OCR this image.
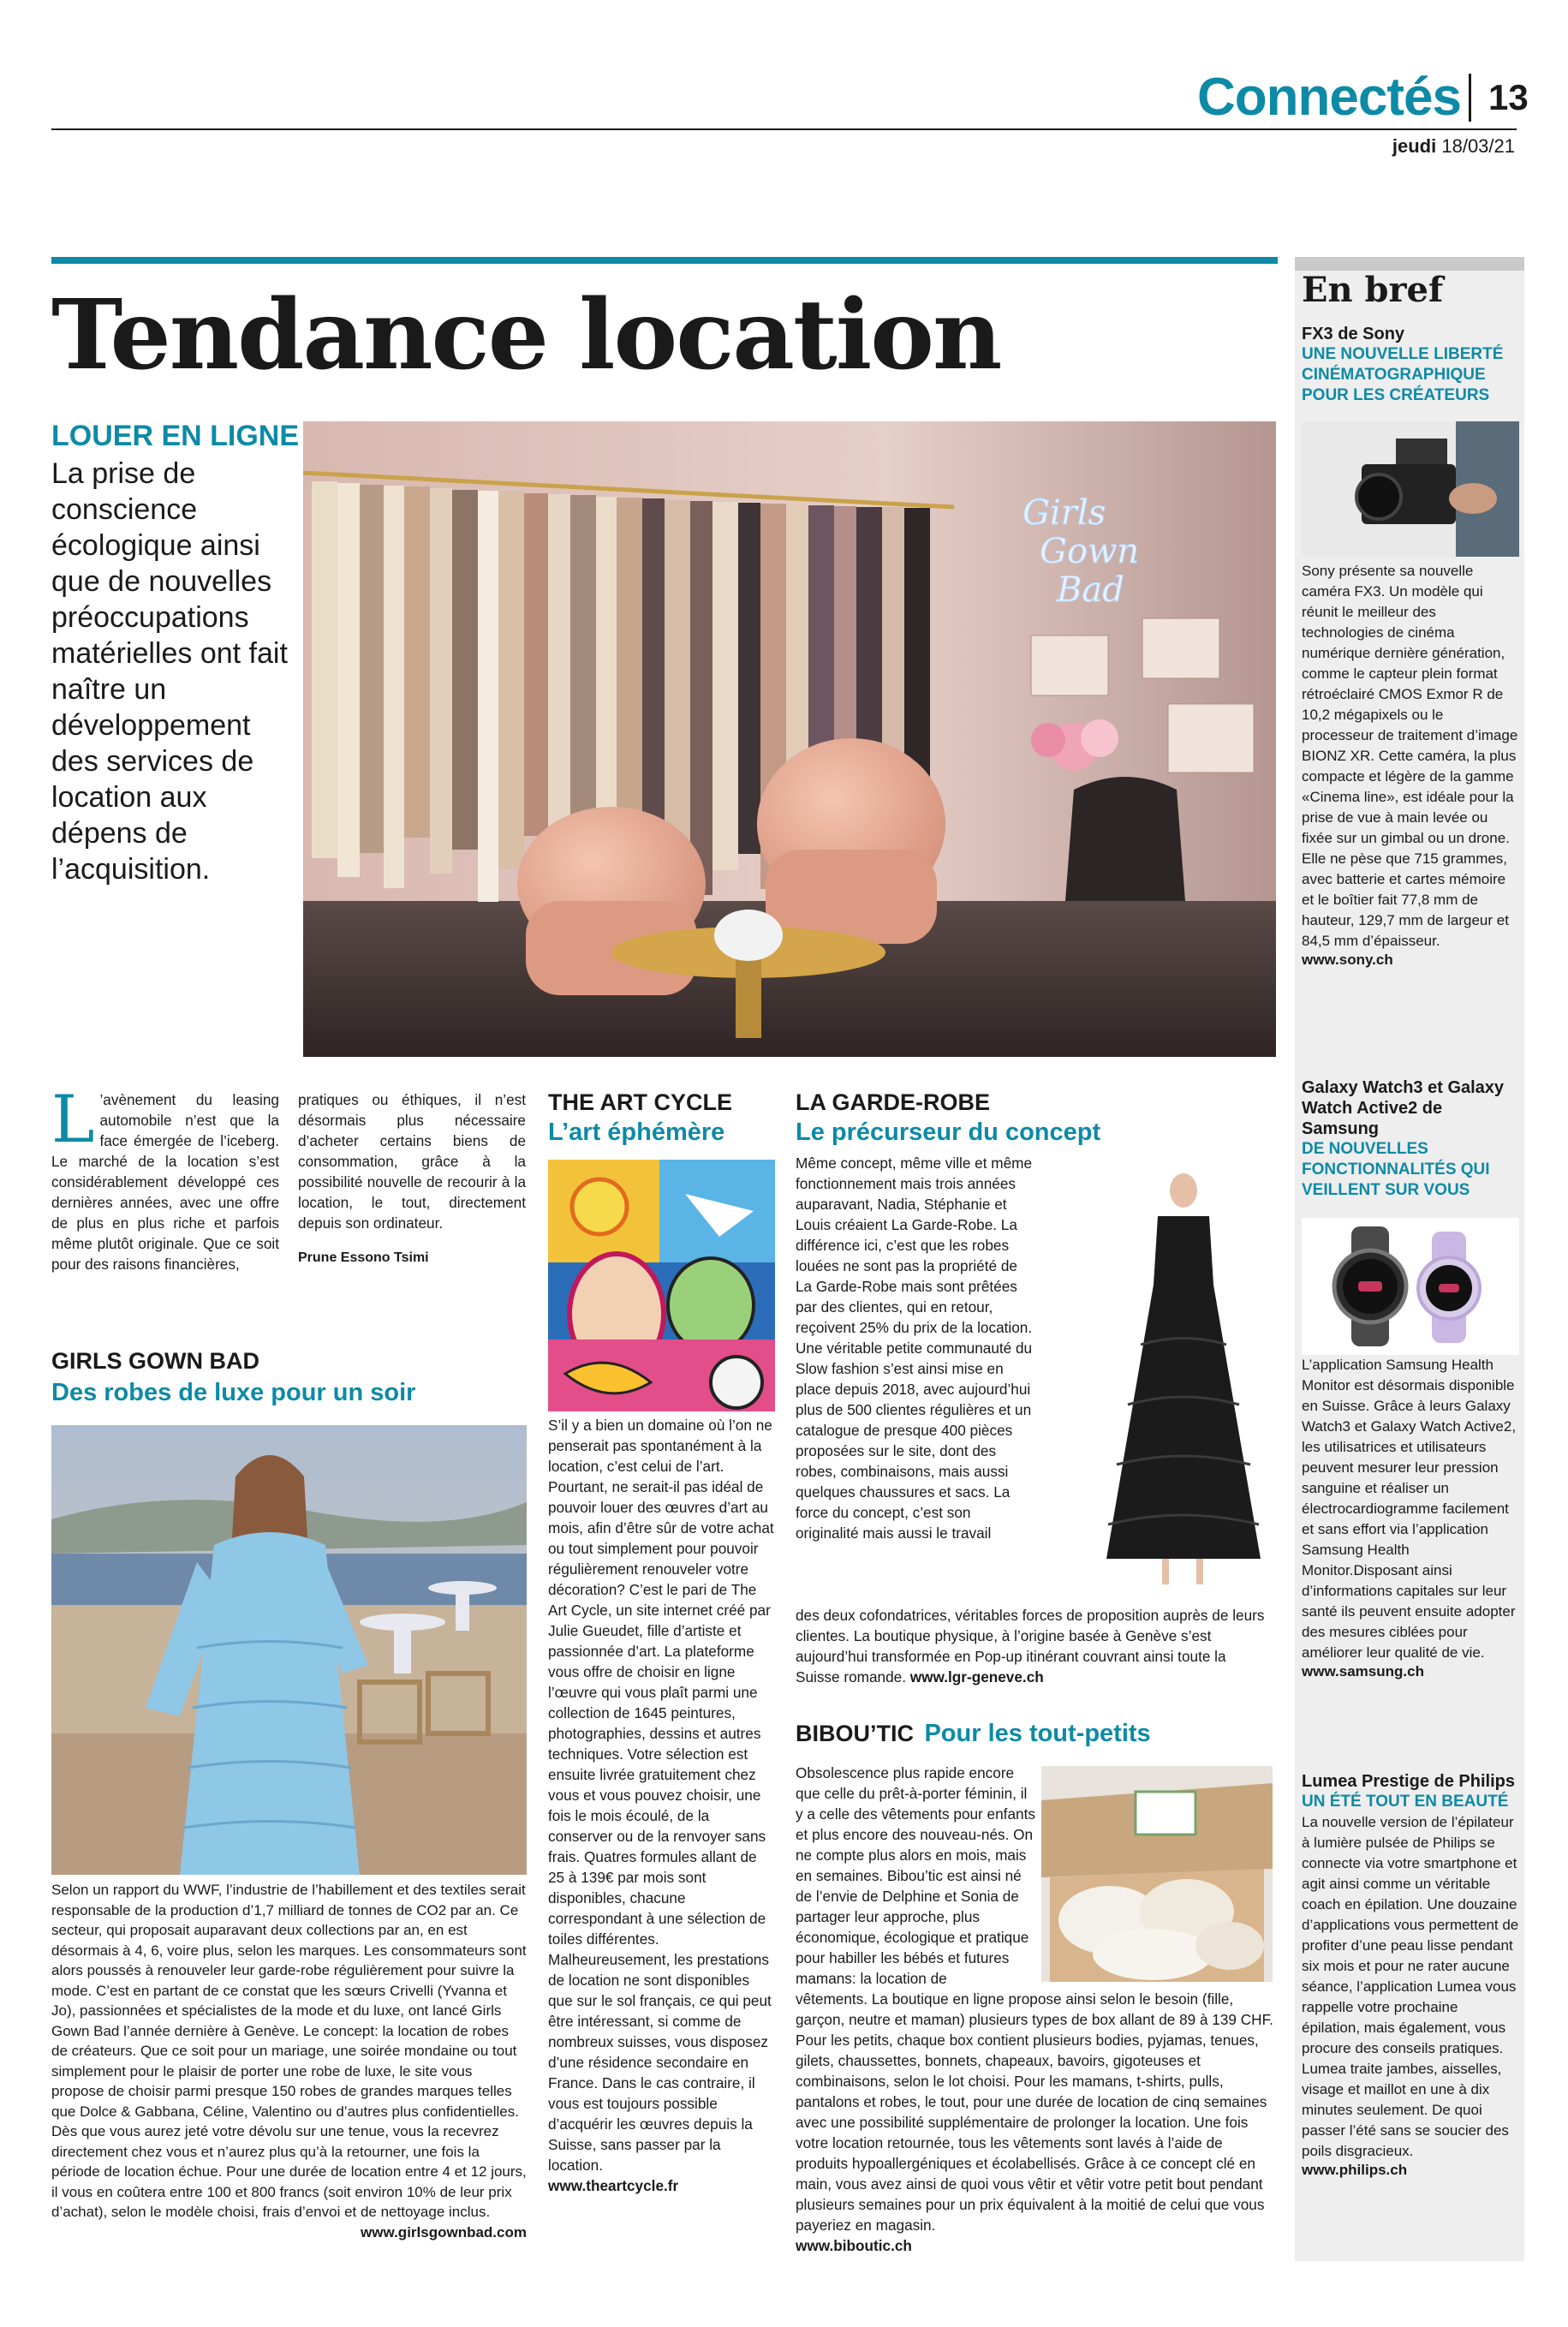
Connectés 13
jeudi 18/03/21
Tendance location
LOUER EN LIGNE

La prise de conscience écologique ainsi que de nouvelles préoccupations matérielles ont fait naître un développement des services de location aux dépens de l’acquisition.

Girls
Gown
Bad
En bref
FX3 de Sony
UNE NOUVELLE LIBERTÉ CINÉMATOGRAPHIQUE POUR LES CRÉATEURS

Sony présente sa nouvelle caméra FX3. Un modèle qui réunit le meilleur des technologies de cinéma numérique dernière génération, comme le capteur plein format rétroéclairé CMOS Exmor R de 10,2 mégapixels ou le processeur de traitement d’image BIONZ XR. Cette caméra, la plus compacte et légère de la gamme «Cinema line», est idéale pour la prise de vue à main levée ou fixée sur un gimbal ou un drone. Elle ne pèse que 715 grammes, avec batterie et cartes mémoire et le boîtier fait 77,8 mm de hauteur, 129,7 mm de largeur et 84,5 mm d’épaisseur.

www.sony.ch
Galaxy Watch3 et Galaxy Watch Active2 de Samsung
DE NOUVELLES FONCTIONNALITÉS QUI VEILLENT SUR VOUS

L’application Samsung Health Monitor est désormais disponible en Suisse. Grâce à leurs Galaxy Watch3 et Galaxy Watch Active2, les utilisatrices et utilisateurs peuvent mesurer leur pression sanguine et réaliser un électrocardiogramme facilement et sans effort via l’application Samsung Health Monitor.Disposant ainsi d’informations capitales sur leur santé ils peuvent ensuite adopter des mesures ciblées pour améliorer leur qualité de vie.

www.samsung.ch
Lumea Prestige de Philips
UN ÉTÉ TOUT EN BEAUTÉ

La nouvelle version de l’épilateur à lumière pulsée de Philips se connecte via votre smartphone et agit ainsi comme un véritable coach en épilation. Une douzaine d’applications vous permettent de profiter d’une peau lisse pendant six mois et pour ne rater aucune séance, l’application Lumea vous rappelle votre prochaine épilation, mais également, vous procure des conseils pratiques. Lumea traite jambes, aisselles, visage et maillot en une à dix minutes seulement. De quoi passer l’été sans se soucier des poils disgracieux.

www.philips.ch

L ’avènement du leasing automobile n’est que la face émergée de l’iceberg. Le marché de la location s’est considérablement développé ces dernières années, avec une offre de plus en plus riche et parfois même plutôt originale. Que ce soit pour des raisons financières,

pratiques ou éthiques, il n’est désormais plus nécessaire d’acheter certains biens de consommation, grâce à la possibilité nouvelle de recourir à la location, le tout, directement depuis son ordinateur.

Prune Essono Tsimi
GIRLS GOWN BAD
Des robes de luxe pour un soir

Selon un rapport du WWF, l’industrie de l’habillement et des textiles serait responsable de la production d’1,7 milliard de tonnes de CO2 par an. Ce secteur, qui proposait auparavant deux collections par an, en est désormais à 4, 6, voire plus, selon les marques. Les consommateurs sont alors poussés à renouveler leur garde-robe régulièrement pour suivre la mode. C’est en partant de ce constat que les sœurs Crivelli (Yvanna et Jo), passionnées et spécialistes de la mode et du luxe, ont lancé Girls Gown Bad l’année dernière à Genève. Le concept: la location de robes de créateurs. Que ce soit pour un mariage, une soirée mondaine ou tout simplement pour le plaisir de porter une robe de luxe, le site vous propose de choisir parmi presque 150 robes de grandes marques telles que Dolce & Gabbana, Céline, Valentino ou d’autres plus confidentielles. Dès que vous aurez jeté votre dévolu sur une tenue, vous la recevrez directement chez vous et n’aurez plus qu’à la retourner, une fois la période de location échue. Pour une durée de location entre 4 et 12 jours, il vous en coûtera entre 100 et 800 francs (soit environ 10% de leur prix d’achat), selon le modèle choisi, frais d’envoi et de nettoyage inclus.
www.girlsgownbad.com

THE ART CYCLE
L’art éphémère

S’il y a bien un domaine où l’on ne penserait pas spontanément à la location, c’est celui de l’art. Pourtant, ne serait-il pas idéal de pouvoir louer des œuvres d’art au mois, afin d’être sûr de votre achat ou tout simplement pour pouvoir régulièrement renouveler votre décoration? C’est le pari de The Art Cycle, un site internet créé par Julie Gueudet, fille d’artiste et passionnée d’art. La plateforme vous offre de choisir en ligne l’œuvre qui vous plaît parmi une collection de 1645 peintures, photographies, dessins et autres techniques. Votre sélection est ensuite livrée gratuitement chez vous et vous pouvez choisir, une fois le mois écoulé, de la conserver ou de la renvoyer sans frais. Quatres formules allant de 25 à 139€ par mois sont disponibles, chacune correspondant à une sélection de toiles différentes. Malheureusement, les prestations de location ne sont disponibles que sur le sol français, ce qui peut être intéressant, si comme de nombreux suisses, vous disposez d’une résidence secondaire en France. Dans le cas contraire, il vous est toujours possible d’acquérir les œuvres depuis la Suisse, sans passer par la location.

www.theartcycle.fr
LA GARDE-ROBE
Le précurseur du concept

Même concept, même ville et même fonctionnement mais trois années auparavant, Nadia, Stéphanie et Louis créaient La Garde-Robe. La différence ici, c’est que les robes louées ne sont pas la propriété de La Garde-Robe mais sont prêtées par des clientes, qui en retour, reçoivent 25% du prix de la location. Une véritable petite communauté du Slow fashion s’est ainsi mise en place depuis 2018, avec aujourd’hui plus de 500 clientes régulières et un catalogue de presque 400 pièces proposées sur le site, dont des robes, combinaisons, mais aussi quelques chaussures et sacs. La force du concept, c’est son originalité mais aussi le travail

des deux cofondatrices, véritables forces de proposition auprès de leurs clientes. La boutique physique, à l’origine basée à Genève s’est aujourd’hui transformée en Pop-up itinérant couvrant ainsi toute la Suisse romande. www.lgr-geneve.ch

BIBOU’TIC Pour les tout-petits

Obsolescence plus rapide encore que celle du prêt-à-porter féminin, il y a celle des vêtements pour enfants et plus encore des nouveau-nés. On ne compte plus alors en mois, mais en semaines. Bibou’tic est ainsi né de l’envie de Delphine et Sonia de partager leur approche, plus économique, écologique et pratique pour habiller les bébés et futures mamans: la location de

vêtements. La boutique en ligne propose ainsi selon le besoin (fille, garçon, neutre et maman) plusieurs types de box allant de 89 à 139 CHF. Pour les petits, chaque box contient plusieurs bodies, pyjamas, tenues, gilets, chaussettes, bonnets, chapeaux, bavoirs, gigoteuses et combinaisons, selon le lot choisi. Pour les mamans, t-shirts, pulls, pantalons et robes, le tout, pour une durée de location de cinq semaines avec une possibilité supplémentaire de prolonger la location. Une fois votre location retournée, tous les vêtements sont lavés à l’aide de produits hypoallergéniques et écolabellisés. Grâce à ce concept clé en main, vous avez ainsi de quoi vous vêtir et vêtir votre petit bout pendant plusieurs semaines pour un prix équivalent à la moitié de celui que vous payeriez en magasin.

www.biboutic.ch
